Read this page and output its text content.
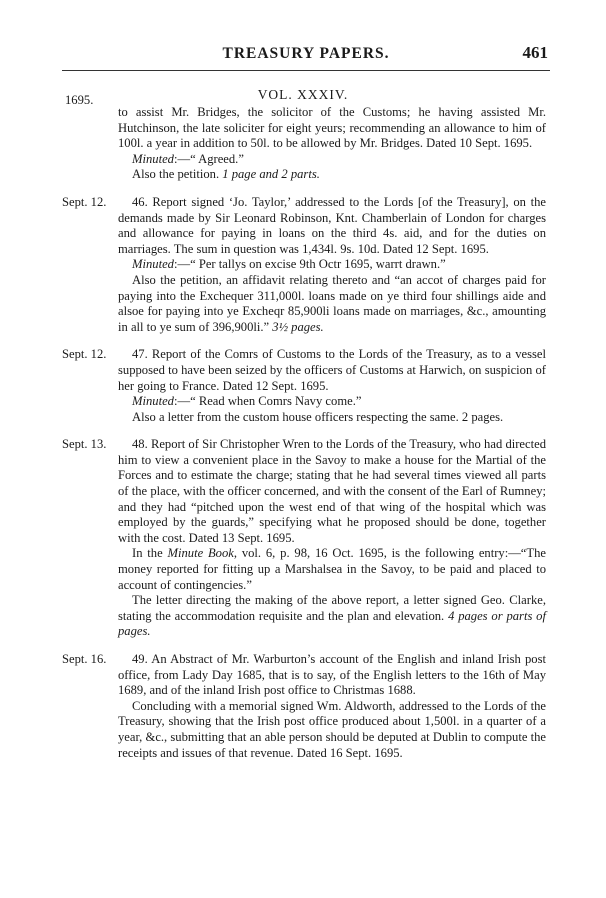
TREASURY PAPERS.	461
VOL. XXXIV.
1695.

to assist Mr. Bridges, the solicitor of the Customs; he having assisted Mr. Hutchinson, the late soliciter for eight yeurs; recommending an allowance to him of 100l. a year in addition to 50l. to be allowed by Mr. Bridges. Dated 10 Sept. 1695.

Minuted:—“ Agreed.”

Also the petition. 1 page and 2 parts.

Sept. 12.	46. Report signed ‘Jo. Taylor,’ addressed to the Lords [of the Treasury], on the demands made by Sir Leonard Robinson, Knt. Chamberlain of London for charges and allowance for paying in loans on the third 4s. aid, and for the duties on marriages. The sum in question was 1,434l. 9s. 10d. Dated 12 Sept. 1695.

Minuted:—“ Per tallys on excise 9th Octr 1695, warrt drawn.”

Also the petition, an affidavit relating thereto and “an accot of charges paid for paying into the Exchequer 311,000l. loans made on ye third four shillings aide and alsoe for paying into ye Excheqr 85,900li loans made on marriages, &c., amounting in all to ye sum of 396,900li.” 3½ pages.

Sept. 12.	47. Report of the Comrs of Customs to the Lords of the Treasury, as to a vessel supposed to have been seized by the officers of Customs at Harwich, on suspicion of her going to France. Dated 12 Sept. 1695.

Minuted:—“ Read when Comrs Navy come.”

Also a letter from the custom house officers respecting the same. 2 pages.

Sept. 13.	48. Report of Sir Christopher Wren to the Lords of the Treasury, who had directed him to view a convenient place in the Savoy to make a house for the Martial of the Forces and to estimate the charge; stating that he had several times viewed all parts of the place, with the officer concerned, and with the consent of the Earl of Rumney; and they had “pitched upon the west end of that wing of the hospital which was employed by the guards,” specifying what he proposed should be done, together with the cost. Dated 13 Sept. 1695.

In the Minute Book, vol. 6, p. 98, 16 Oct. 1695, is the following entry:—“The money reported for fitting up a Marshalsea in the Savoy, to be paid and placed to account of contingencies.”

The letter directing the making of the above report, a letter signed Geo. Clarke, stating the accommodation requisite and the plan and elevation. 4 pages or parts of pages.

Sept. 16.	49. An Abstract of Mr. Warburton’s account of the English and inland Irish post office, from Lady Day 1685, that is to say, of the English letters to the 16th of May 1689, and of the inland Irish post office to Christmas 1688.

Concluding with a memorial signed Wm. Aldworth, addressed to the Lords of the Treasury, showing that the Irish post office produced about 1,500l. in a quarter of a year, &c., submitting that an able person should be deputed at Dublin to compute the receipts and issues of that revenue. Dated 16 Sept. 1695.
